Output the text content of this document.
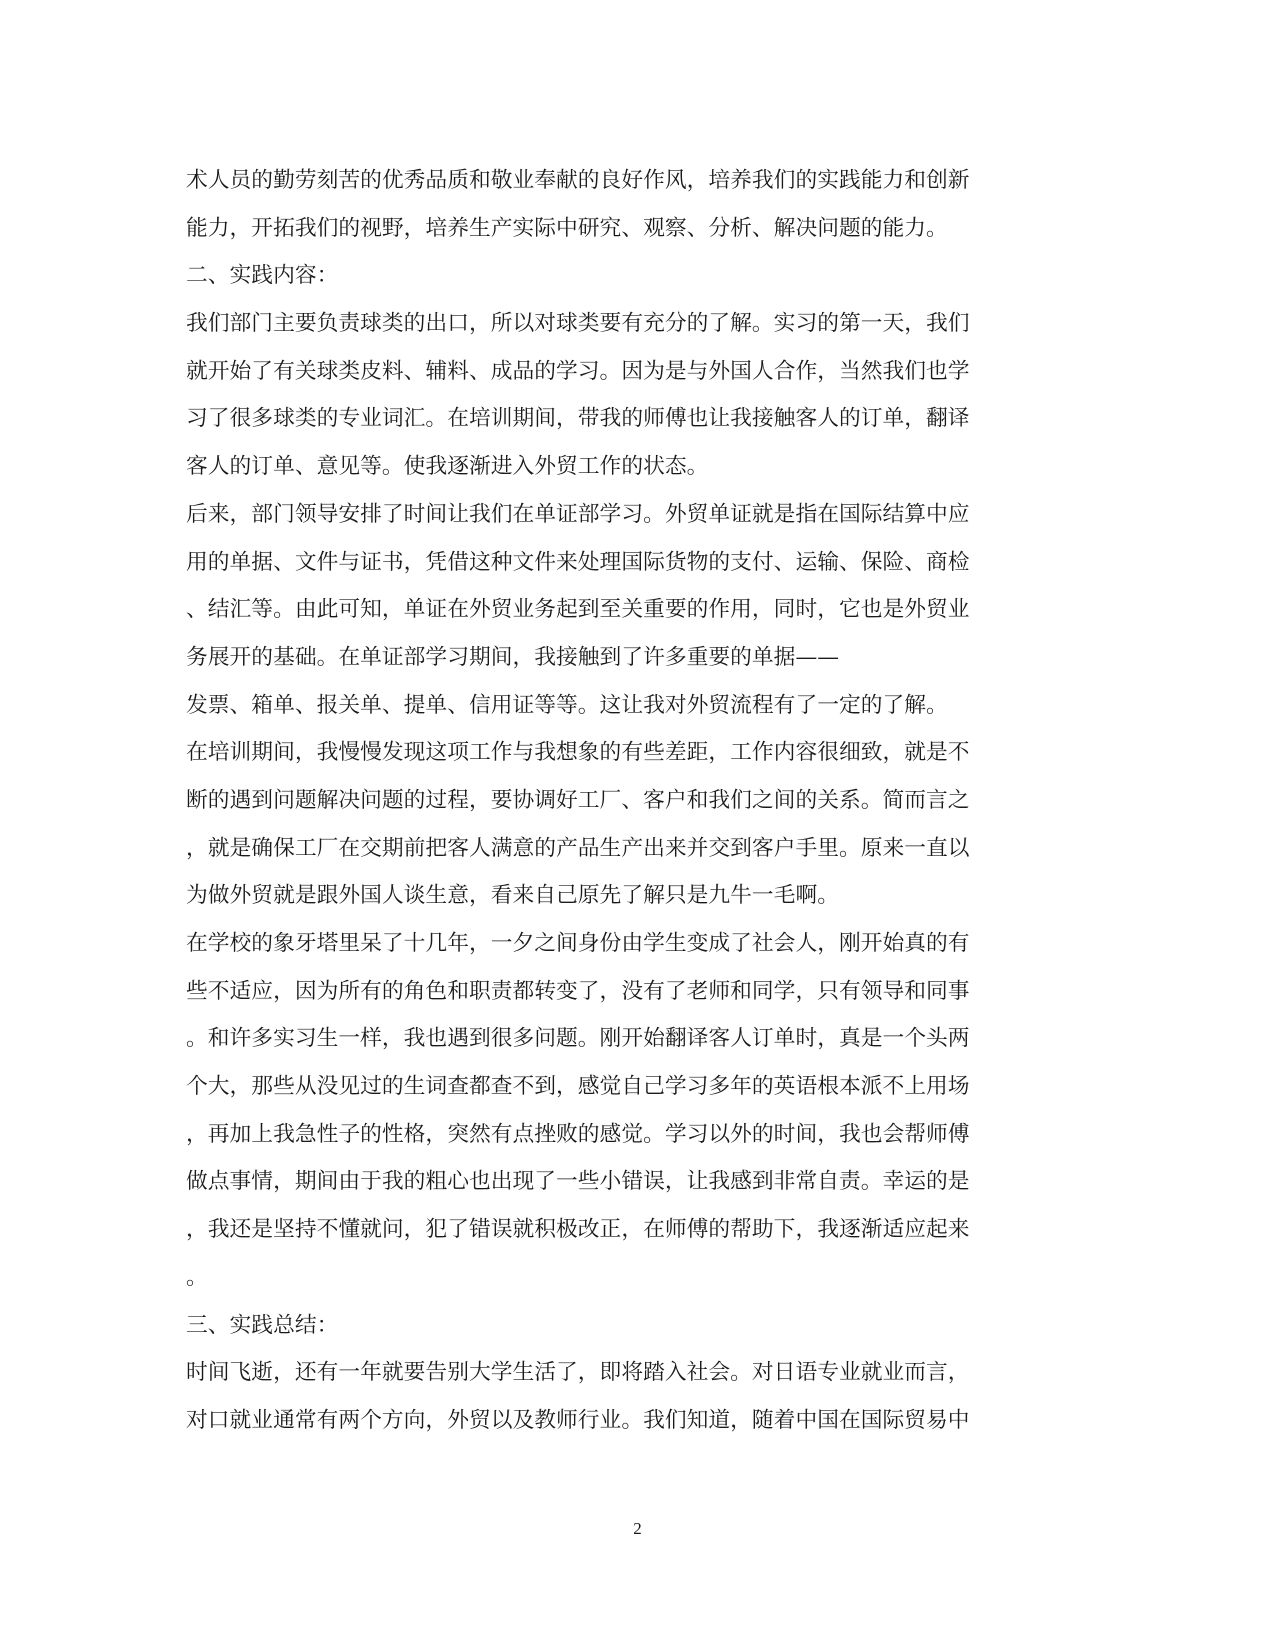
术人员的勤劳刻苦的优秀品质和敬业奉献的良好作风，培养我们的实践能力和创新
能力，开拓我们的视野，培养生产实际中研究、观察、分析、解决问题的能力。
二、实践内容：
我们部门主要负责球类的出口，所以对球类要有充分的了解。实习的第一天，我们
就开始了有关球类皮料、辅料、成品的学习。因为是与外国人合作，当然我们也学
习了很多球类的专业词汇。在培训期间，带我的师傅也让我接触客人的订单，翻译
客人的订单、意见等。使我逐渐进入外贸工作的状态。
后来，部门领导安排了时间让我们在单证部学习。外贸单证就是指在国际结算中应
用的单据、文件与证书，凭借这种文件来处理国际货物的支付、运输、保险、商检
、结汇等。由此可知，单证在外贸业务起到至关重要的作用，同时，它也是外贸业
务展开的基础。在单证部学习期间，我接触到了许多重要的单据——
发票、箱单、报关单、提单、信用证等等。这让我对外贸流程有了一定的了解。
在培训期间，我慢慢发现这项工作与我想象的有些差距，工作内容很细致，就是不
断的遇到问题解决问题的过程，要协调好工厂、客户和我们之间的关系。简而言之
，就是确保工厂在交期前把客人满意的产品生产出来并交到客户手里。原来一直以
为做外贸就是跟外国人谈生意，看来自己原先了解只是九牛一毛啊。
在学校的象牙塔里呆了十几年，一夕之间身份由学生变成了社会人，刚开始真的有
些不适应，因为所有的角色和职责都转变了，没有了老师和同学，只有领导和同事
。和许多实习生一样，我也遇到很多问题。刚开始翻译客人订单时，真是一个头两
个大，那些从没见过的生词查都查不到，感觉自己学习多年的英语根本派不上用场
，再加上我急性子的性格，突然有点挫败的感觉。学习以外的时间，我也会帮师傅
做点事情，期间由于我的粗心也出现了一些小错误，让我感到非常自责。幸运的是
，我还是坚持不懂就问，犯了错误就积极改正，在师傅的帮助下，我逐渐适应起来
。
三、实践总结：
时间飞逝，还有一年就要告别大学生活了，即将踏入社会。对日语专业就业而言，
对口就业通常有两个方向，外贸以及教师行业。我们知道，随着中国在国际贸易中
2
